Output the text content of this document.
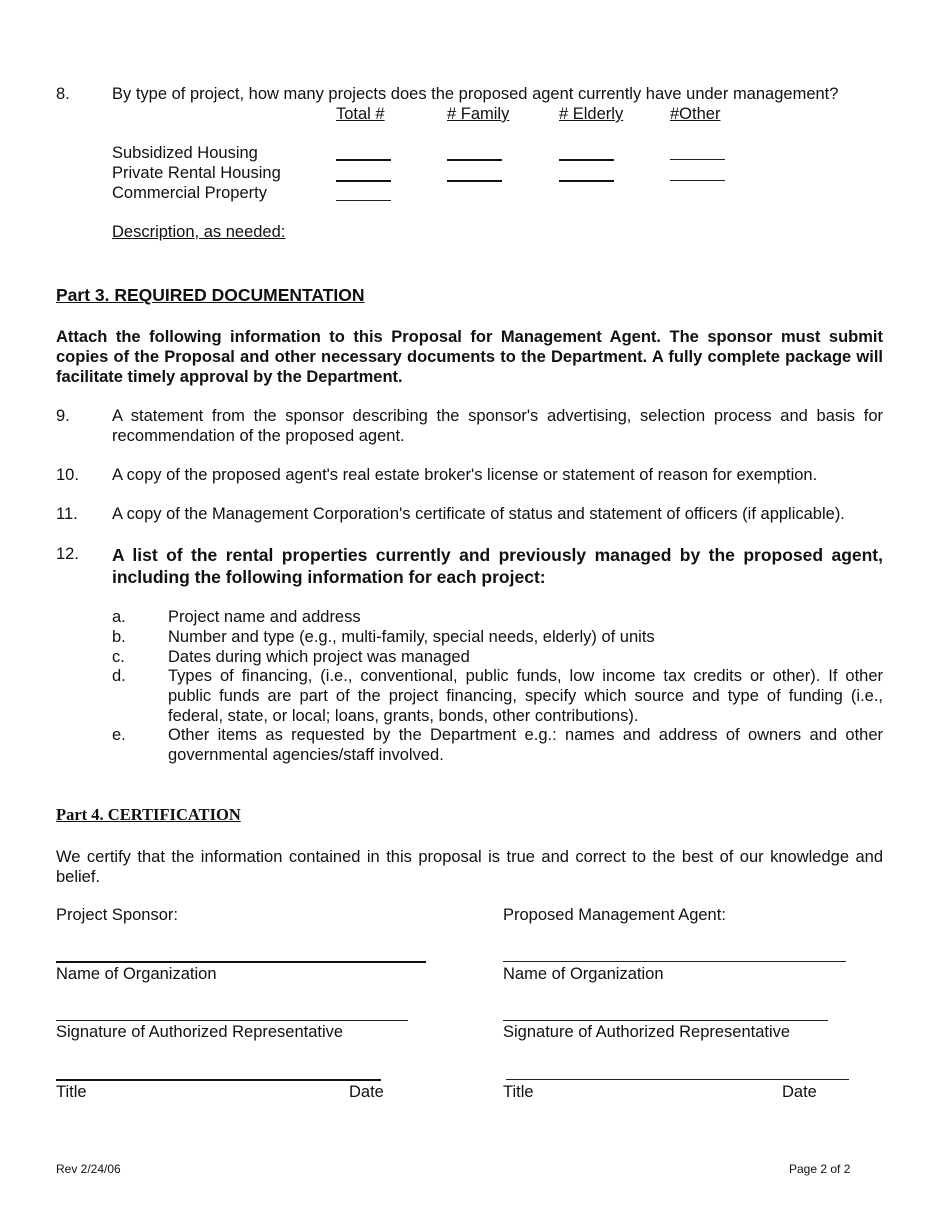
8.	By type of project, how many projects does the proposed agent currently have under management?
Total #	# Family	# Elderly	#Other
Subsidized Housing
Private Rental Housing
Commercial Property
Description, as needed:
Part 3. REQUIRED DOCUMENTATION
Attach the following information to this Proposal for Management Agent. The sponsor must submit copies of the Proposal and other necessary documents to the Department. A fully complete package will facilitate timely approval by the Department.
9.	A statement from the sponsor describing the sponsor's advertising, selection process and basis for recommendation of the proposed agent.
10. A copy of the proposed agent's real estate broker's license or statement of reason for exemption.
11. A copy of the Management Corporation's certificate of status and statement of officers (if applicable).
12. A list of the rental properties currently and previously managed by the proposed agent, including the following information for each project:
a.	Project name and address
b.	Number and type (e.g., multi-family, special needs, elderly) of units
c.	Dates during which project was managed
d.	Types of financing, (i.e., conventional, public funds, low income tax credits or other). If other public funds are part of the project financing, specify which source and type of funding (i.e., federal, state, or local; loans, grants, bonds, other contributions).
e.	Other items as requested by the Department e.g.: names and address of owners and other governmental agencies/staff involved.
Part 4. CERTIFICATION
We certify that the information contained in this proposal is true and correct to the best of our knowledge and belief.
Project Sponsor:	Proposed Management Agent:
Name of Organization	Name of Organization
Signature of Authorized Representative	Signature of Authorized Representative
Title	Date	Title	Date
Rev 2/24/06	Page 2 of 2
